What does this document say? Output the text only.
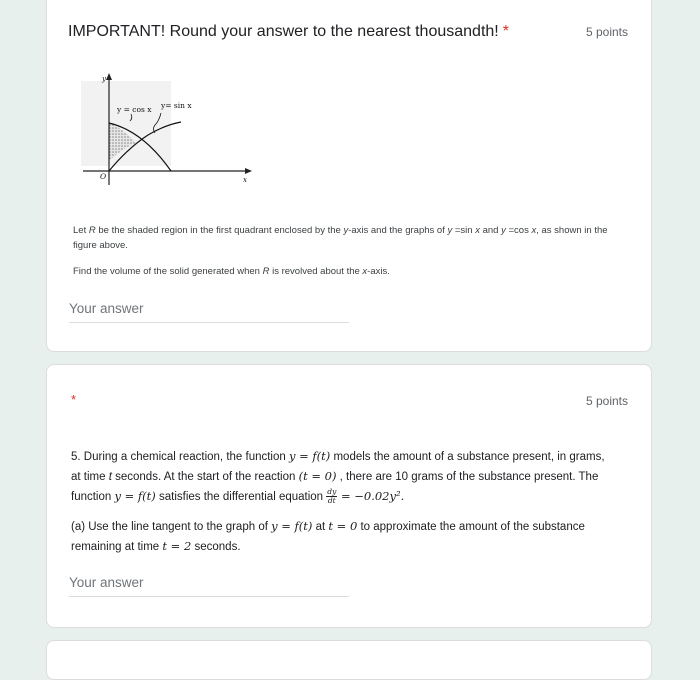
IMPORTANT! Round your answer to the nearest thousandth! *	5 points
y = cos x y= sin x
y
x
O
Let R be the shaded region in the first quadrant enclosed by the y-axis and the graphs of y =sin x and y =cos x, as shown in the
figure above.
Find the volume of the solid generated when R is revolved about the x-axis.
Your answer
*	5 points
5. During a chemical reaction, the function y = f(t) models the amount of a substance present, in grams,
at time t seconds. At the start of the reaction (t = 0) , there are 10 grams of the substance present. The
function y = f(t) satisfies the differential equation $\frac{dy}{dt} = -0.02y^2$.
(a) Use the line tangent to the graph of y = f(t) at t = 0 to approximate the amount of the substance
remaining at time t = 2 seconds.
Your answer
